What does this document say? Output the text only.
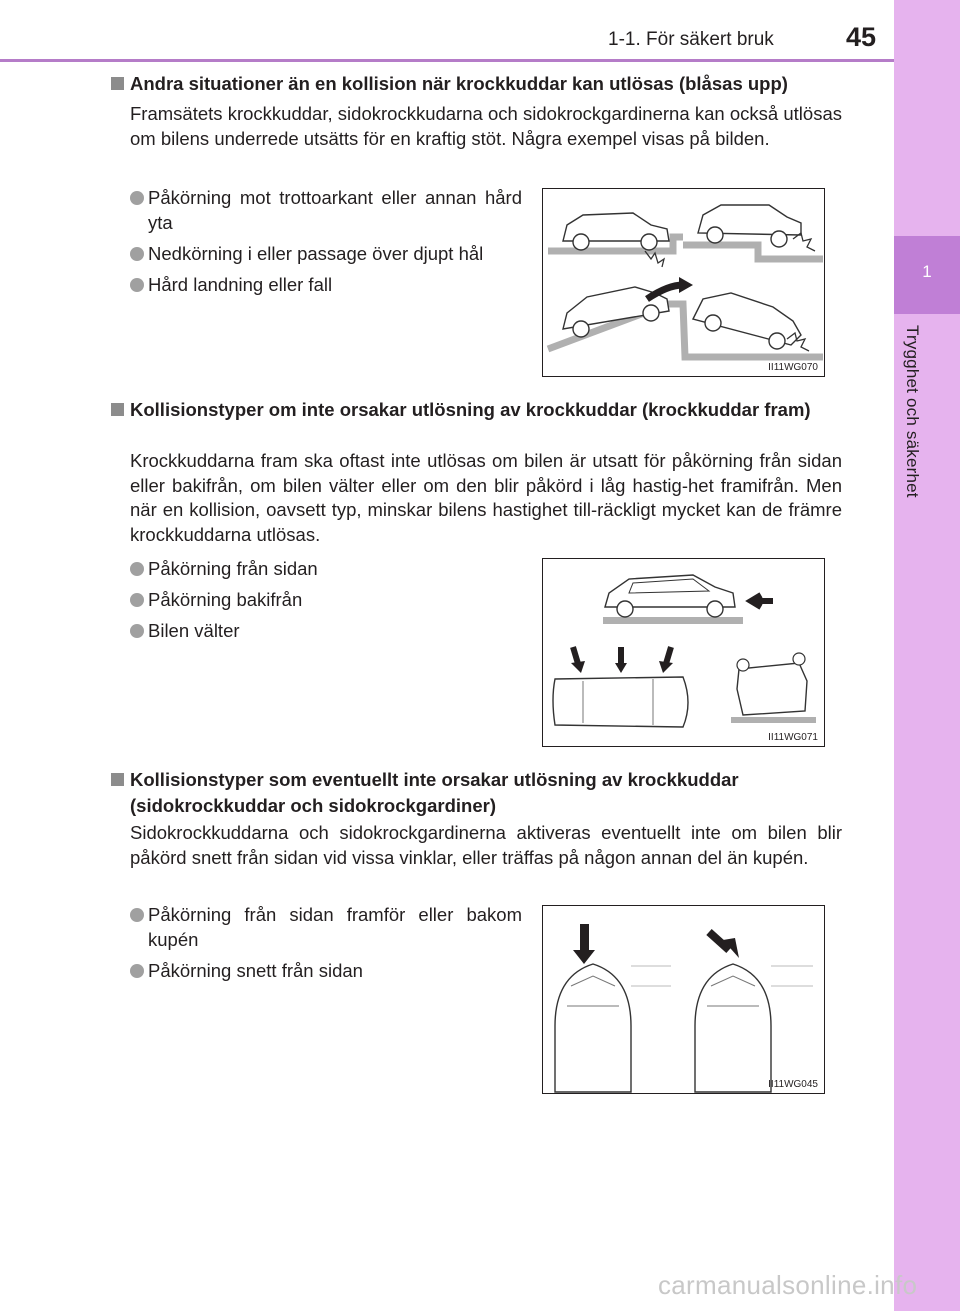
1-1. För säkert bruk	45
1
Trygghet och säkerhet
Andra situationer än en kollision när krockkuddar kan utlösas (blåsas upp)
Framsätets krockkuddar, sidokrockkudarna och sidokrockgardinerna kan också utlösas om bilens underrede utsätts för en kraftig stöt. Några exempel visas på bilden.
Påkörning mot trottoarkant eller annan hård yta
Nedkörning i eller passage över djupt hål
Hård landning eller fall
II11WG070
Kollisionstyper om inte orsakar utlösning av krockkuddar (krockkuddar fram)
Krockkuddarna fram ska oftast inte utlösas om bilen är utsatt för påkörning från sidan eller bakifrån, om bilen välter eller om den blir påkörd i låg hastig-het framifrån. Men när en kollision, oavsett typ, minskar bilens hastighet till-räckligt mycket kan de främre krockkuddarna utlösas.
Påkörning från sidan
Påkörning bakifrån
Bilen välter
II11WG071
Kollisionstyper som eventuellt inte orsakar utlösning av krockkuddar (sidokrockkuddar och sidokrockgardiner)
Sidokrockkuddarna och sidokrockgardinerna aktiveras eventuellt inte om bilen blir påkörd snett från sidan vid vissa vinklar, eller träffas på någon annan del än kupén.
Påkörning från sidan framför eller bakom kupén
Påkörning snett från sidan
II11WG045
carmanualsonline.info
